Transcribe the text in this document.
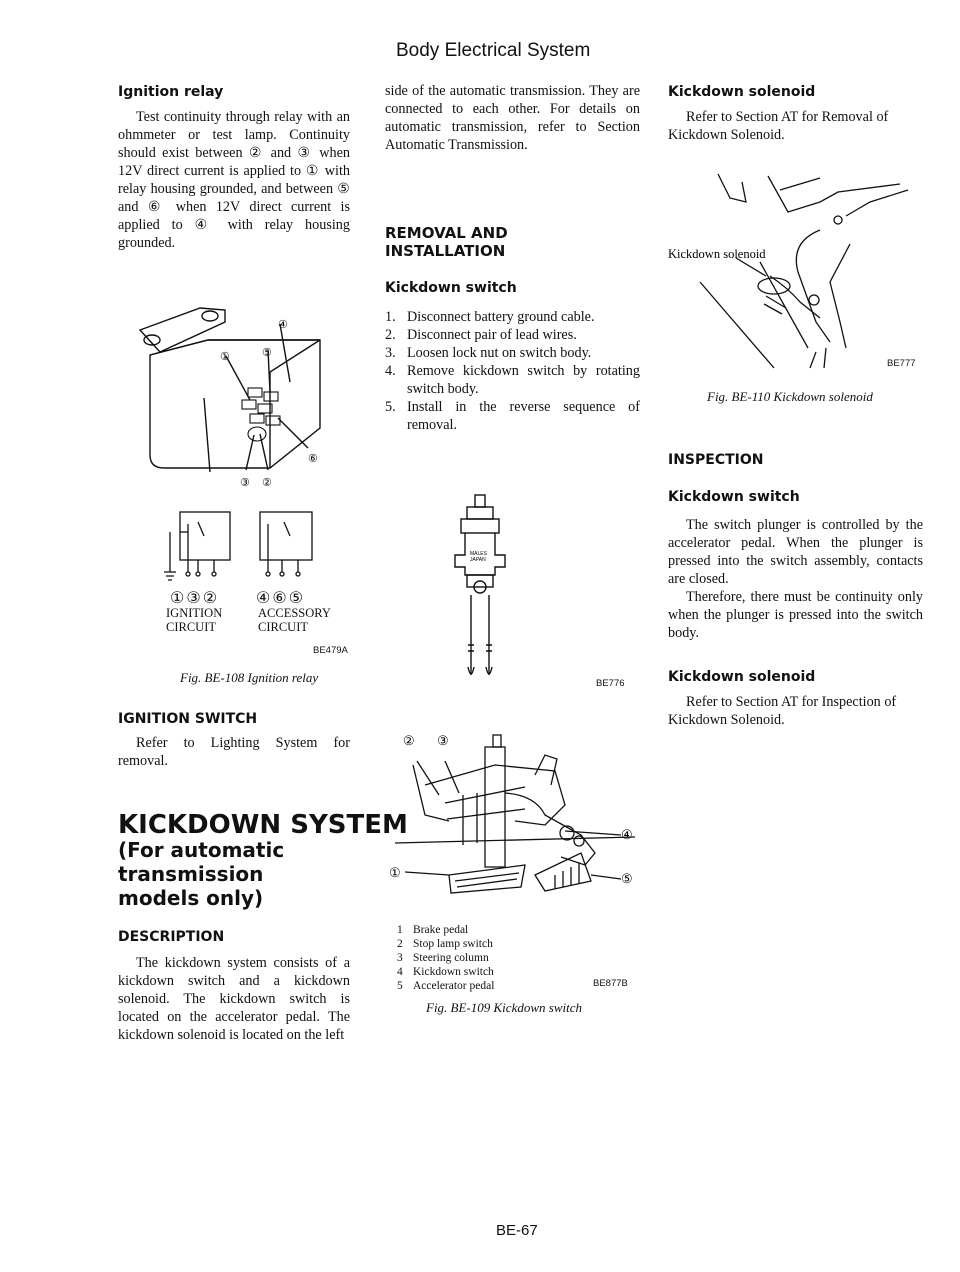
Body Electrical System
Ignition relay

Test continuity through relay with an ohmmeter or test lamp. Continuity should exist between ② and ③ when 12V direct current is applied to ① with relay housing grounded, and between ⑤ and ⑥ when 12V direct current is applied to ④ with relay housing grounded.

④
⑤
①
⑥
③ ②
①③② ④⑥⑤
IGNITION
CIRCUIT
ACCESSORY
CIRCUIT
BE479A
Fig. BE-108 Ignition relay
IGNITION SWITCH

Refer to Lighting System for removal.

KICKDOWN SYSTEM
(For automatic
transmission
models only)
DESCRIPTION

The kickdown system consists of a kickdown switch and a kickdown solenoid. The kickdown switch is located on the accelerator pedal. The kickdown solenoid is located on the left

side of the automatic transmission. They are connected to each other. For details on automatic transmission, refer to Section Automatic Transmission.

REMOVAL AND
INSTALLATION
Kickdown switch
1. Disconnect battery ground cable.
2. Disconnect pair of lead wires.
3. Loosen lock nut on switch body.
4. Remove kickdown switch by rotating switch body.
5. Install in the reverse sequence of removal.
MALES
JAPAN
BE776
② ③
④
①	⑤
1 Brake pedal
2 Stop lamp switch
3 Steering column
4 Kickdown switch
5 Accelerator pedal	BE877B
Fig. BE-109 Kickdown switch
Kickdown solenoid

Refer to Section AT for Removal of Kickdown Solenoid.

Kickdown solenoid
BE777
Fig. BE-110 Kickdown solenoid
INSPECTION
Kickdown switch

The switch plunger is controlled by the accelerator pedal. When the plunger is pressed into the switch assembly, contacts are closed.

Therefore, there must be continuity only when the plunger is pressed into the switch body.

Kickdown solenoid

Refer to Section AT for Inspection of Kickdown Solenoid.

BE-67
